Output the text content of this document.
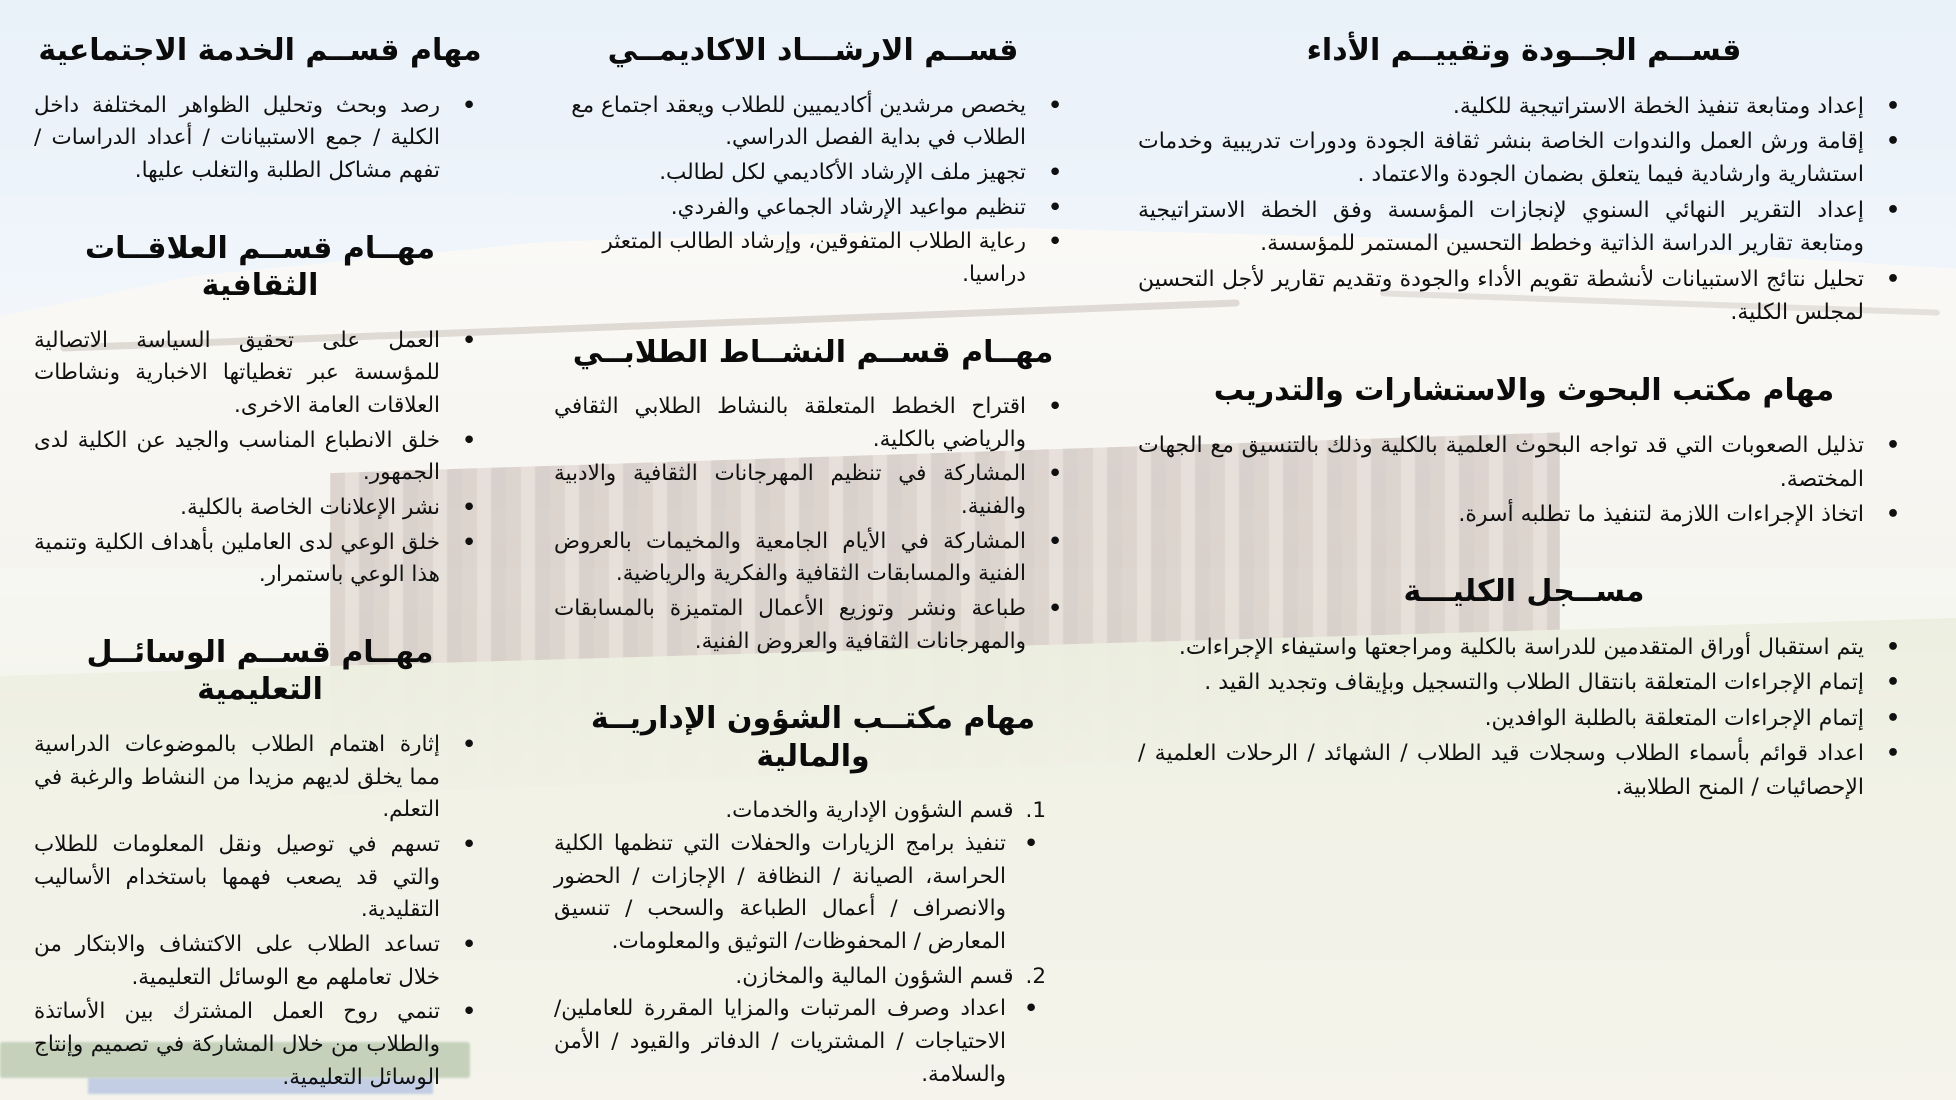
قســم الجــودة وتقييــم الأداء
• إعداد ومتابعة تنفيذ الخطة الاستراتيجية للكلية.
• إقامة ورش العمل والندوات الخاصة بنشر ثقافة الجودة ودورات تدريبية وخدمات استشارية وارشادية فيما يتعلق بضمان الجودة والاعتماد .
• إعداد التقرير النهائي السنوي لإنجازات المؤسسة وفق الخطة الاستراتيجية ومتابعة تقارير الدراسة الذاتية وخطط التحسين المستمر للمؤسسة.
• تحليل نتائج الاستبيانات لأنشطة تقويم الأداء والجودة وتقديم تقارير لأجل التحسين لمجلس الكلية.
مهام مكتب البحوث والاستشارات والتدريب
• تذليل الصعوبات التي قد تواجه البحوث العلمية بالكلية وذلك بالتنسيق مع الجهات المختصة.
• اتخاذ الإجراءات اللازمة لتنفيذ ما تطلبه أسرة.
مســجل الكليـــة
• يتم استقبال أوراق المتقدمين للدراسة بالكلية ومراجعتها واستيفاء الإجراءات.
• إتمام الإجراءات المتعلقة بانتقال الطلاب والتسجيل وبإيقاف وتجديد القيد .
• إتمام الإجراءات المتعلقة بالطلبة الوافدين.
• اعداد قوائم بأسماء الطلاب وسجلات قيد الطلاب / الشهائد / الرحلات العلمية / الإحصائيات / المنح الطلابية.
قســم الارشـــاد الاكاديمــي
• يخصص مرشدين أكاديميين للطلاب ويعقد اجتماع مع الطلاب في بداية الفصل الدراسي.
• تجهيز ملف الإرشاد الأكاديمي لكل لطالب.
• تنظيم مواعيد الإرشاد الجماعي والفردي.
• رعاية الطلاب المتفوقين، وإرشاد الطالب المتعثر دراسيا.
مهــام قســم النشــاط الطلابــي
• اقتراح الخطط المتعلقة بالنشاط الطلابي الثقافي والرياضي بالكلية.
• المشاركة في تنظيم المهرجانات الثقافية والادبية والفنية.
• المشاركة في الأيام الجامعية والمخيمات بالعروض الفنية والمسابقات الثقافية والفكرية والرياضية.
• طباعة ونشر وتوزيع الأعمال المتميزة بالمسابقات والمهرجانات الثقافية والعروض الفنية.
مهام مكتــب الشؤون الإداريــة والمالية
1.
قسم الشؤون الإدارية والخدمات.
• تنفيذ برامج الزيارات والحفلات التي تنظمها الكلية الحراسة، الصيانة / النظافة / الإجازات / الحضور والانصراف / أعمال الطباعة والسحب / تنسيق المعارض / المحفوظات/ التوثيق والمعلومات.
2.
قسم الشؤون المالية والمخازن.
• اعداد وصرف المرتبات والمزايا المقررة للعاملين/ الاحتياجات / المشتريات / الدفاتر والقيود / الأمن والسلامة.
مهام قســم الخدمة الاجتماعية
• رصد وبحث وتحليل الظواهر المختلفة داخل الكلية / جمع الاستبيانات / أعداد الدراسات / تفهم مشاكل الطلبة والتغلب عليها.
مهــام قســم العلاقــات الثقافية
• العمل على تحقيق السياسة الاتصالية للمؤسسة عبر تغطياتها الاخبارية ونشاطات العلاقات العامة الاخرى.
• خلق الانطباع المناسب والجيد عن الكلية لدى الجمهور.
• نشر الإعلانات الخاصة بالكلية.
• خلق الوعي لدى العاملين بأهداف الكلية وتنمية هذا الوعي باستمرار.
مهــام قســم الوسائــل التعليمية
• إثارة اهتمام الطلاب بالموضوعات الدراسية مما يخلق لديهم مزيدا من النشاط والرغبة في التعلم.
• تسهم في توصيل ونقل المعلومات للطلاب والتي قد يصعب فهمها باستخدام الأساليب التقليدية.
• تساعد الطلاب على الاكتشاف والابتكار من خلال تعاملهم مع الوسائل التعليمية.
• تنمي روح العمل المشترك بين الأساتذة والطلاب من خلال المشاركة في تصميم وإنتاج الوسائل التعليمية.
